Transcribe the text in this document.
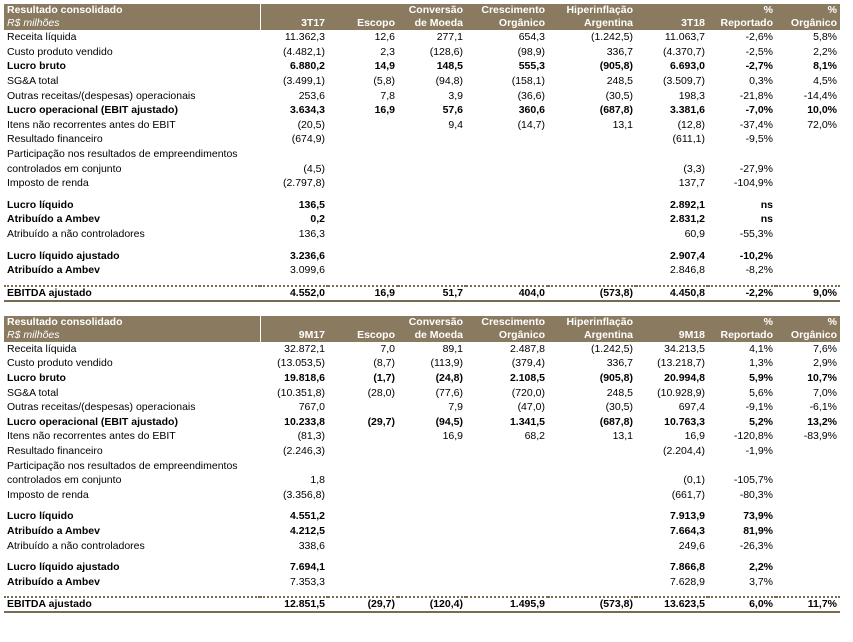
Resultado consolidado			Conversão	Crescimento	Hiperinflação		%	%
R$ milhões	3T17	Escopo	de Moeda	Orgânico	Argentina	3T18	Reportado	Orgânico
Receita líquida	11.362,3	12,6	277,1	654,3	(1.242,5)	11.063,7	-2,6%	5,8%
Custo produto vendido	(4.482,1)	2,3	(128,6)	(98,9)	336,7	(4.370,7)	-2,5%	2,2%
Lucro bruto	6.880,2	14,9	148,5	555,3	(905,8)	6.693,0	-2,7%	8,1%
SG&A total	(3.499,1)	(5,8)	(94,8)	(158,1)	248,5	(3.509,7)	0,3%	4,5%
Outras receitas/(despesas) operacionais	253,6	7,8	3,9	(36,6)	(30,5)	198,3	-21,8%	-14,4%
Lucro operacional (EBIT ajustado)	3.634,3	16,9	57,6	360,6	(687,8)	3.381,6	-7,0%	10,0%
Itens não recorrentes antes do EBIT	(20,5)		9,4	(14,7)	13,1	(12,8)	-37,4%	72,0%
Resultado financeiro	(674,9)					(611,1)	-9,5%	
Participação nos resultados de empreendimentos								
controlados em conjunto	(4,5)					(3,3)	-27,9%	
Imposto de renda	(2.797,8)					137,7	-104,9%	

Lucro líquido	136,5					2.892,1	ns	
Atribuído a Ambev	0,2					2.831,2	ns	
Atribuído a não controladores	136,3					60,9	-55,3%	

Lucro líquido ajustado	3.236,6					2.907,4	-10,2%	
Atribuído a Ambev	3.099,6					2.846,8	-8,2%	

EBITDA ajustado	4.552,0	16,9	51,7	404,0	(573,8)	4.450,8	-2,2%	9,0%
Resultado consolidado			Conversão	Crescimento	Hiperinflação		%	%
R$ milhões	9M17	Escopo	de Moeda	Orgânico	Argentina	9M18	Reportado	Orgânico
Receita líquida	32.872,1	7,0	89,1	2.487,8	(1.242,5)	34.213,5	4,1%	7,6%
Custo produto vendido	(13.053,5)	(8,7)	(113,9)	(379,4)	336,7	(13.218,7)	1,3%	2,9%
Lucro bruto	19.818,6	(1,7)	(24,8)	2.108,5	(905,8)	20.994,8	5,9%	10,7%
SG&A total	(10.351,8)	(28,0)	(77,6)	(720,0)	248,5	(10.928,9)	5,6%	7,0%
Outras receitas/(despesas) operacionais	767,0		7,9	(47,0)	(30,5)	697,4	-9,1%	-6,1%
Lucro operacional (EBIT ajustado)	10.233,8	(29,7)	(94,5)	1.341,5	(687,8)	10.763,3	5,2%	13,2%
Itens não recorrentes antes do EBIT	(81,3)		16,9	68,2	13,1	16,9	-120,8%	-83,9%
Resultado financeiro	(2.246,3)					(2.204,4)	-1,9%	
Participação nos resultados de empreendimentos								
controlados em conjunto	1,8					(0,1)	-105,7%	
Imposto de renda	(3.356,8)					(661,7)	-80,3%	

Lucro líquido	4.551,2					7.913,9	73,9%	
Atribuído a Ambev	4.212,5					7.664,3	81,9%	
Atribuído a não controladores	338,6					249,6	-26,3%	

Lucro líquido ajustado	7.694,1					7.866,8	2,2%	
Atribuído a Ambev	7.353,3					7.628,9	3,7%	

EBITDA ajustado	12.851,5	(29,7)	(120,4)	1.495,9	(573,8)	13.623,5	6,0%	11,7%
